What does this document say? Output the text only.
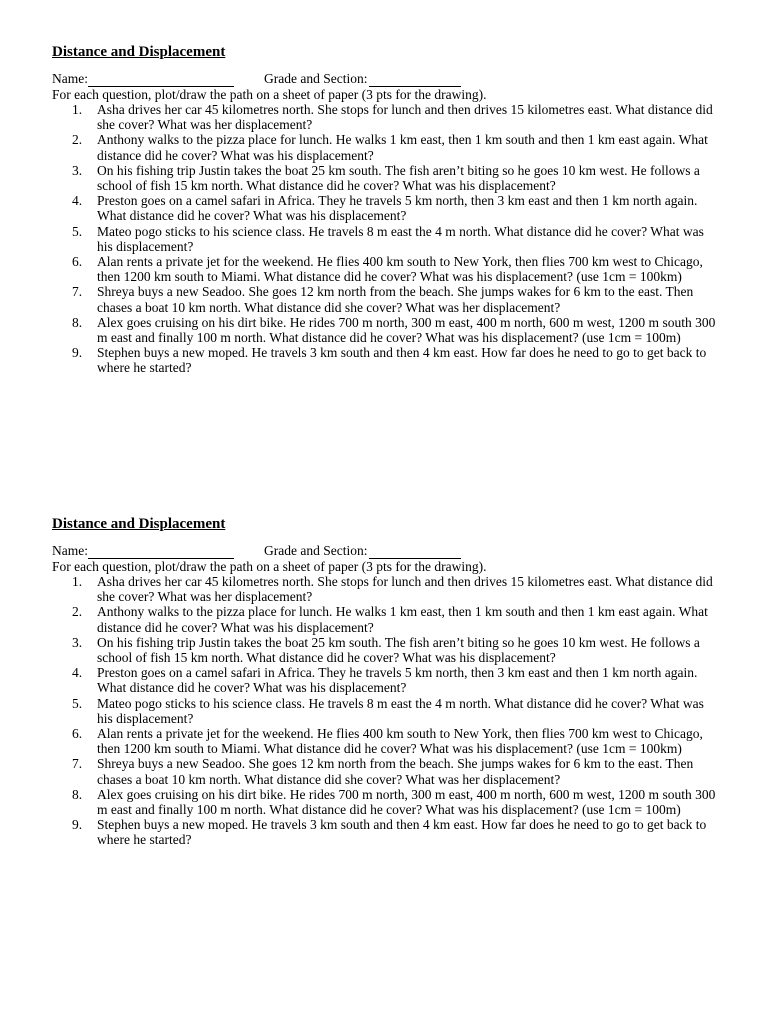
Distance and Displacement
Name:	Grade and Section:

For each question, plot/draw the path on a sheet of paper (3 pts for the drawing).

1. Asha drives her car 45 kilometres north. She stops for lunch and then drives 15 kilometres east. What distance did she cover? What was her displacement?
2. Anthony walks to the pizza place for lunch. He walks 1 km east, then 1 km south and then 1 km east again. What distance did he cover? What was his displacement?
3. On his fishing trip Justin takes the boat 25 km south. The fish aren’t biting so he goes 10 km west. He follows a school of fish 15 km north. What distance did he cover? What was his displacement?
4. Preston goes on a camel safari in Africa. They he travels 5 km north, then 3 km east and then 1 km north again. What distance did he cover? What was his displacement?
5. Mateo pogo sticks to his science class. He travels 8 m east the 4 m north. What distance did he cover? What was his displacement?
6. Alan rents a private jet for the weekend. He flies 400 km south to New York, then flies 700 km west to Chicago, then 1200 km south to Miami. What distance did he cover? What was his displacement? (use 1cm = 100km)
7. Shreya buys a new Seadoo. She goes 12 km north from the beach. She jumps wakes for 6 km to the east. Then chases a boat 10 km north. What distance did she cover? What was her displacement?
8. Alex goes cruising on his dirt bike. He rides 700 m north, 300 m east, 400 m north, 600 m west, 1200 m south 300 m east and finally 100 m north. What distance did he cover? What was his displacement? (use 1cm = 100m)
9. Stephen buys a new moped. He travels 3 km south and then 4 km east. How far does he need to go to get back to where he started?
Distance and Displacement
Name:	Grade and Section:

For each question, plot/draw the path on a sheet of paper (3 pts for the drawing).

1. Asha drives her car 45 kilometres north. She stops for lunch and then drives 15 kilometres east. What distance did she cover? What was her displacement?
2. Anthony walks to the pizza place for lunch. He walks 1 km east, then 1 km south and then 1 km east again. What distance did he cover? What was his displacement?
3. On his fishing trip Justin takes the boat 25 km south. The fish aren’t biting so he goes 10 km west. He follows a school of fish 15 km north. What distance did he cover? What was his displacement?
4. Preston goes on a camel safari in Africa. They he travels 5 km north, then 3 km east and then 1 km north again. What distance did he cover? What was his displacement?
5. Mateo pogo sticks to his science class. He travels 8 m east the 4 m north. What distance did he cover? What was his displacement?
6. Alan rents a private jet for the weekend. He flies 400 km south to New York, then flies 700 km west to Chicago, then 1200 km south to Miami. What distance did he cover? What was his displacement? (use 1cm = 100km)
7. Shreya buys a new Seadoo. She goes 12 km north from the beach. She jumps wakes for 6 km to the east. Then chases a boat 10 km north. What distance did she cover? What was her displacement?
8. Alex goes cruising on his dirt bike. He rides 700 m north, 300 m east, 400 m north, 600 m west, 1200 m south 300 m east and finally 100 m north. What distance did he cover? What was his displacement? (use 1cm = 100m)
9. Stephen buys a new moped. He travels 3 km south and then 4 km east. How far does he need to go to get back to where he started?
